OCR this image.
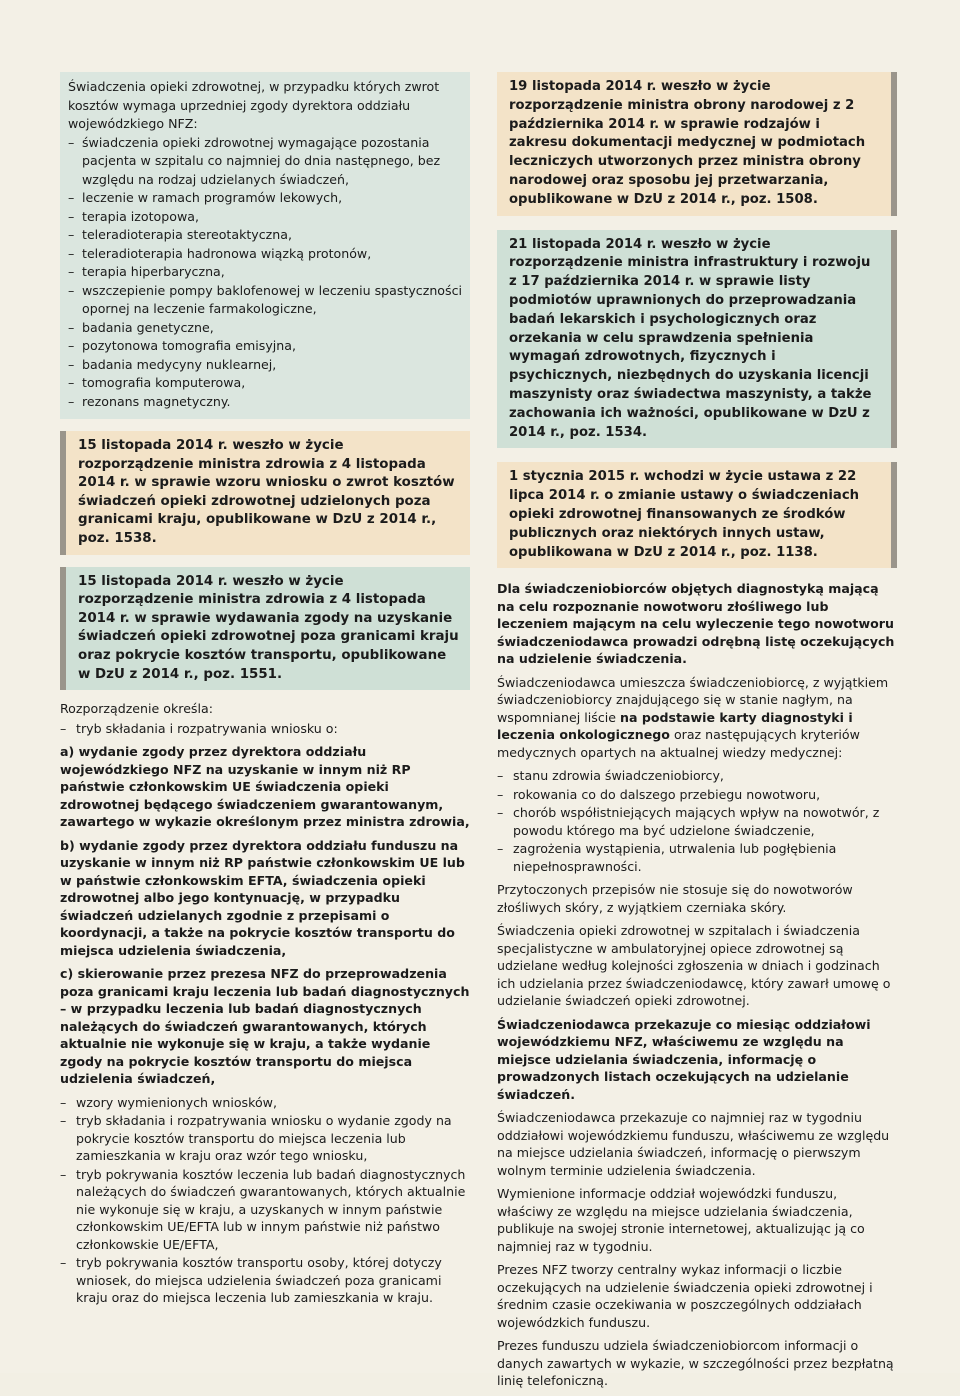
Świadczenia opieki zdrowotnej, w przypadku których zwrot kosztów wymaga uprzedniej zgody dyrektora oddziału wojewódzkiego NFZ:

– świadczenia opieki zdrowotnej wymagające pozostania pacjenta w szpitalu co najmniej do dnia następnego, bez względu na rodzaj udzielanych świadczeń,
– leczenie w ramach programów lekowych,
– terapia izotopowa,
– teleradioterapia stereotaktyczna,
– teleradioterapia hadronowa wiązką protonów,
– terapia hiperbaryczna,
– wszczepienie pompy baklofenowej w leczeniu spastyczności opornej na leczenie farmakologiczne,
– badania genetyczne,
– pozytonowa tomografia emisyjna,
– badania medycyny nuklearnej,
– tomografia komputerowa,
– rezonans magnetyczny.

15 listopada 2014 r. weszło w życie rozporządzenie ministra zdrowia z 4 listopada 2014 r. w sprawie wzoru wniosku o zwrot kosztów świadczeń opieki zdrowotnej udzielonych poza granicami kraju, opublikowane w DzU z 2014 r., poz. 1538.

15 listopada 2014 r. weszło w życie rozporządzenie ministra zdrowia z 4 listopada 2014 r. w sprawie wydawania zgody na uzyskanie świadczeń opieki zdrowotnej poza granicami kraju oraz pokrycie kosztów transportu, opublikowane w DzU z 2014 r., poz. 1551.

Rozporządzenie określa:

– tryb składania i rozpatrywania wniosku o:

a) wydanie zgody przez dyrektora oddziału wojewódzkiego NFZ na uzyskanie w innym niż RP państwie członkowskim UE świadczenia opieki zdrowotnej będącego świadczeniem gwarantowanym, zawartego w wykazie określonym przez ministra zdrowia,

b) wydanie zgody przez dyrektora oddziału funduszu na uzyskanie w innym niż RP państwie członkowskim UE lub w państwie członkowskim EFTA, świadczenia opieki zdrowotnej albo jego kontynuację, w przypadku świadczeń udzielanych zgodnie z przepisami o koordynacji, a także na pokrycie kosztów transportu do miejsca udzielenia świadczenia,

c) skierowanie przez prezesa NFZ do przeprowadzenia poza granicami kraju leczenia lub badań diagnostycznych – w przypadku leczenia lub badań diagnostycznych należących do świadczeń gwarantowanych, których aktualnie nie wykonuje się w kraju, a także wydanie zgody na pokrycie kosztów transportu do miejsca udzielenia świadczeń,

– wzory wymienionych wniosków,
– tryb składania i rozpatrywania wniosku o wydanie zgody na pokrycie kosztów transportu do miejsca leczenia lub zamieszkania w kraju oraz wzór tego wniosku,
– tryb pokrywania kosztów leczenia lub badań diagnostycznych należących do świadczeń gwarantowanych, których aktualnie nie wykonuje się w kraju, a uzyskanych w innym państwie członkowskim UE/EFTA lub w innym państwie niż państwo członkowskie UE/EFTA,
– tryb pokrywania kosztów transportu osoby, której dotyczy wniosek, do miejsca udzielenia świadczeń poza granicami kraju oraz do miejsca leczenia lub zamieszkania w kraju.

19 listopada 2014 r. weszło w życie rozporządzenie ministra obrony narodowej z 2 października 2014 r. w sprawie rodzajów i zakresu dokumentacji medycznej w podmiotach leczniczych utworzonych przez ministra obrony narodowej oraz sposobu jej przetwarzania, opublikowane w DzU z 2014 r., poz. 1508.

21 listopada 2014 r. weszło w życie rozporządzenie ministra infrastruktury i rozwoju z 17 października 2014 r. w sprawie listy podmiotów uprawnionych do przeprowadzania badań lekarskich i psychologicznych oraz orzekania w celu sprawdzenia spełnienia wymagań zdrowotnych, fizycznych i psychicznych, niezbędnych do uzyskania licencji maszynisty oraz świadectwa maszynisty, a także zachowania ich ważności, opublikowane w DzU z 2014 r., poz. 1534.

1 stycznia 2015 r. wchodzi w życie ustawa z 22 lipca 2014 r. o zmianie ustawy o świadczeniach opieki zdrowotnej finansowanych ze środków publicznych oraz niektórych innych ustaw, opublikowana w DzU z 2014 r., poz. 1138.

Dla świadczeniobiorców objętych diagnostyką mającą na celu rozpoznanie nowotworu złośliwego lub leczeniem mającym na celu wyleczenie tego nowotworu świadczeniodawca prowadzi odrębną listę oczekujących na udzielenie świadczenia.

Świadczeniodawca umieszcza świadczeniobiorcę, z wyjątkiem świadczeniobiorcy znajdującego się w stanie nagłym, na wspomnianej liście na podstawie karty diagnostyki i leczenia onkologicznego oraz następujących kryteriów medycznych opartych na aktualnej wiedzy medycznej:

– stanu zdrowia świadczeniobiorcy,
– rokowania co do dalszego przebiegu nowotworu,
– chorób współistniejących mających wpływ na nowotwór, z powodu którego ma być udzielone świadczenie,
– zagrożenia wystąpienia, utrwalenia lub pogłębienia niepełnosprawności.

Przytoczonych przepisów nie stosuje się do nowotworów złośliwych skóry, z wyjątkiem czerniaka skóry.

Świadczenia opieki zdrowotnej w szpitalach i świadczenia specjalistyczne w ambulatoryjnej opiece zdrowotnej są udzielane według kolejności zgłoszenia w dniach i godzinach ich udzielania przez świadczeniodawcę, który zawarł umowę o udzielanie świadczeń opieki zdrowotnej.

Świadczeniodawca przekazuje co miesiąc oddziałowi wojewódzkiemu NFZ, właściwemu ze względu na miejsce udzielania świadczenia, informację o prowadzonych listach oczekujących na udzielanie świadczeń.

Świadczeniodawca przekazuje co najmniej raz w tygodniu oddziałowi wojewódzkiemu funduszu, właściwemu ze względu na miejsce udzielania świadczeń, informację o pierwszym wolnym terminie udzielenia świadczenia.

Wymienione informacje oddział wojewódzki funduszu, właściwy ze względu na miejsce udzielania świadczenia, publikuje na swojej stronie internetowej, aktualizując ją co najmniej raz w tygodniu.

Prezes NFZ tworzy centralny wykaz informacji o liczbie oczekujących na udzielenie świadczenia opieki zdrowotnej i średnim czasie oczekiwania w poszczególnych oddziałach wojewódzkich funduszu.

Prezes funduszu udziela świadczeniobiorcom informacji o danych zawartych w wykazie, w szczególności przez bezpłatną linię telefoniczną.
